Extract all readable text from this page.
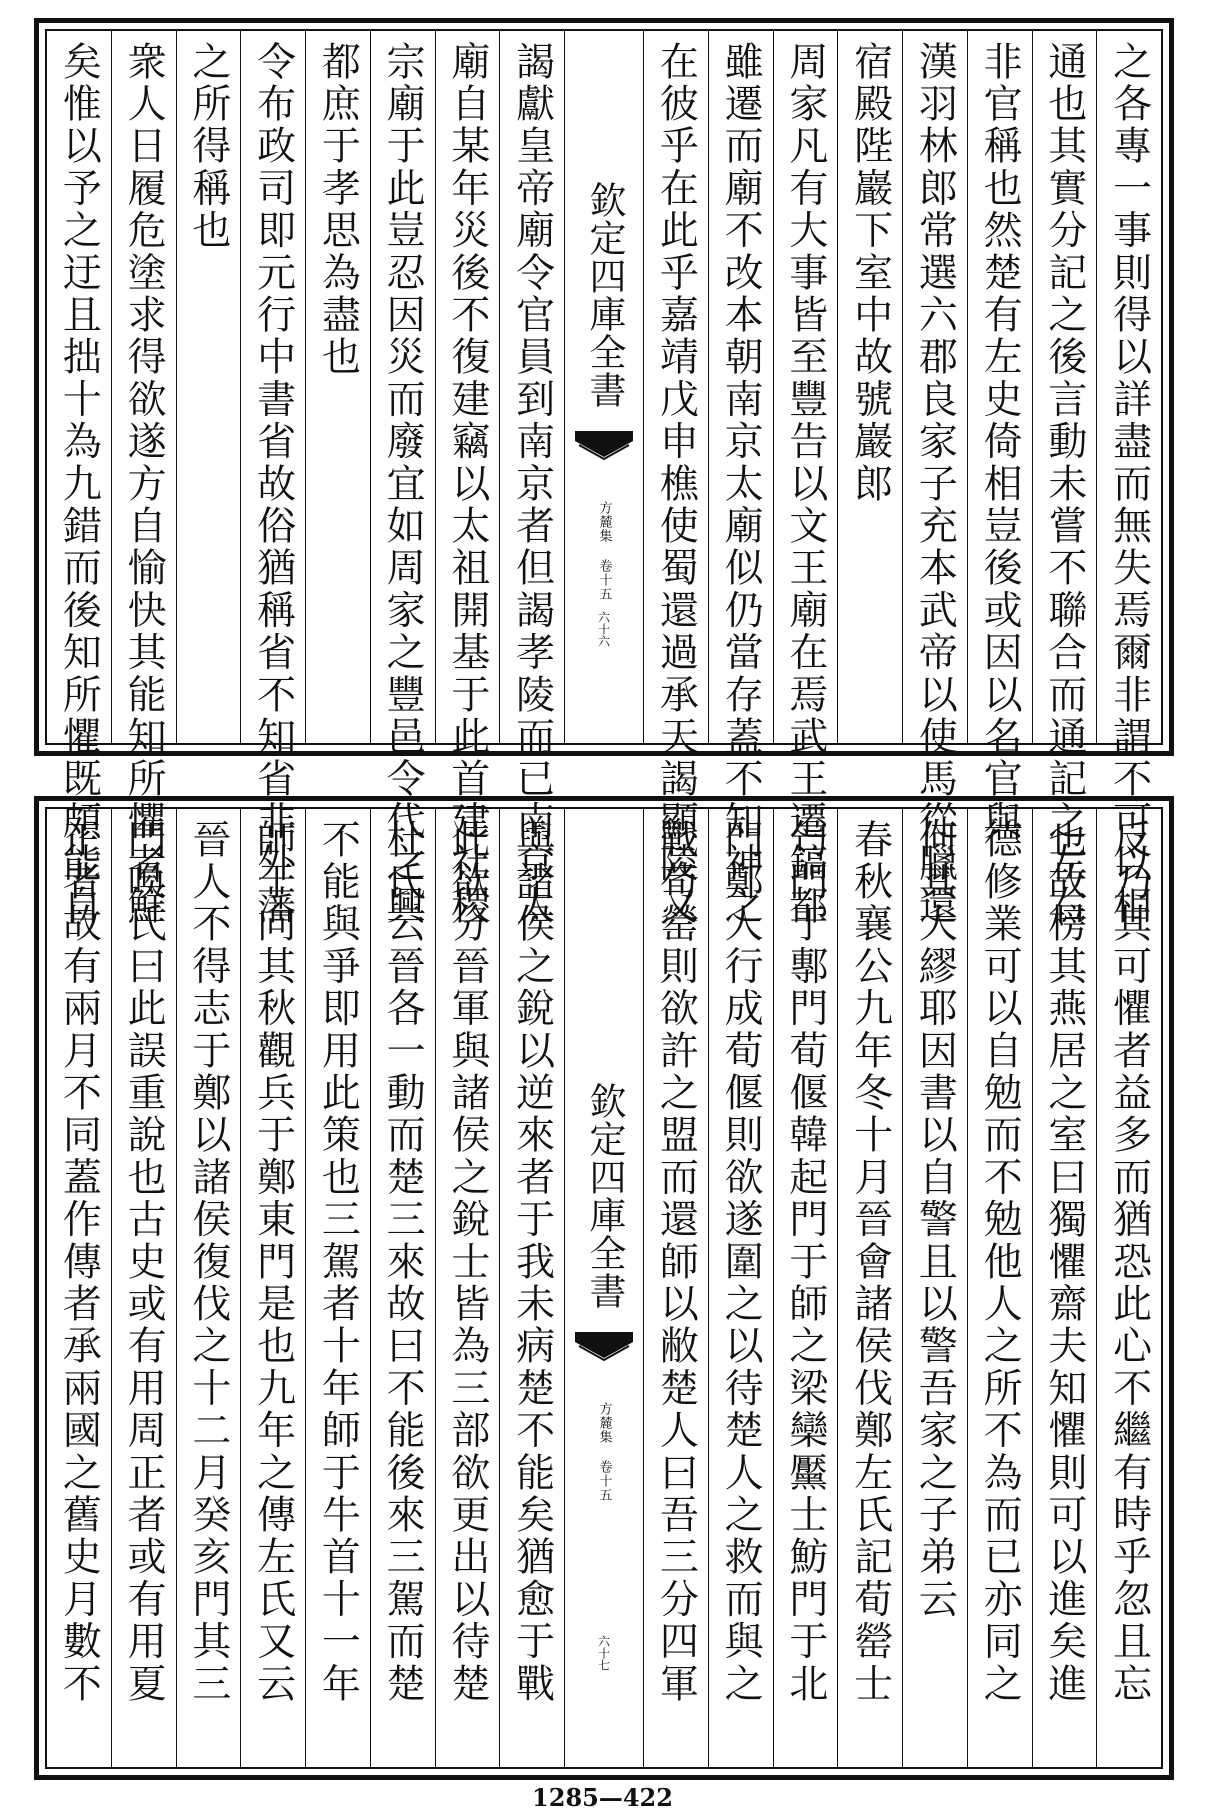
之各專一事則得以詳盡而無失焉爾非謂不可以相
通也其實分記之後言動未嘗不聯合而通記之左右
非官稱也然楚有左史倚相豈後或因以名官與
漢羽林郎常選六郡良家子充本武帝以使馬從臘還
宿殿陛巖下室中故號巖郎
周家凡有大事皆至豐告以文王廟在焉武王遷鎬都
雖遷而廟不改本朝南京太廟似仍當存蓋不知神之
在彼乎在此乎嘉靖戊申樵使蜀還過承天謁顯陵又
欽定四庫全書
方麓集 卷十五
六十六
謁獻皇帝廟令官員到南京者但謁孝陵而已南京太
廟自某年災後不復建竊以太祖開基于此首建社稷
宗廟于此豈忍因災而廢宜如周家之豐邑令代之興
都庶于孝思為盡也
令布政司即元行中書省故俗猶稱省不知省非外藩
之所得稱也
衆人日履危塗求得欲遂方自愉快其能知所懼者鮮
矣惟以予之迂且拙十為九錯而後知所懼既頗能自
反乃其可懼者益多而猶恐此心不繼有時乎忽且忘
也故榜其燕居之室曰獨懼齋夫知懼則可以進矣進
德修業可以自勉而不勉他人之所不為而已亦同之
何其大繆耶因書以自警且以警吾家之子弟云
春秋襄公九年冬十月晉會諸侯伐鄭左氏記荀罃士
匄門于鄟門荀偃韓起門于師之梁欒黶士魴門于北
門鄭人行成荀偃則欲遂圍之以待楚人之救而與之
戰荀罃則欲許之盟而還師以敝楚人曰吾三分四軍
欽定四庫全書
方麓集 卷十五
六十七
與諸侯之銳以逆來者于我未病楚不能矣猶愈于戰
此欲分晉軍與諸侯之銳士皆為三部欲更出以待楚
杜氏云晉各一動而楚三來故曰不能後來三駕而楚
不能與爭即用此策也三駕者十年師于牛首十一年
師于向其秋觀兵于鄭東門是也九年之傳左氏又云
晉人不得志于鄭以諸侯復伐之十二月癸亥門其三
門喚氏曰此誤重說也古史或有用周正者或有用夏
正者故有兩月不同蓋作傳者承兩國之舊史月數不
1285—422
